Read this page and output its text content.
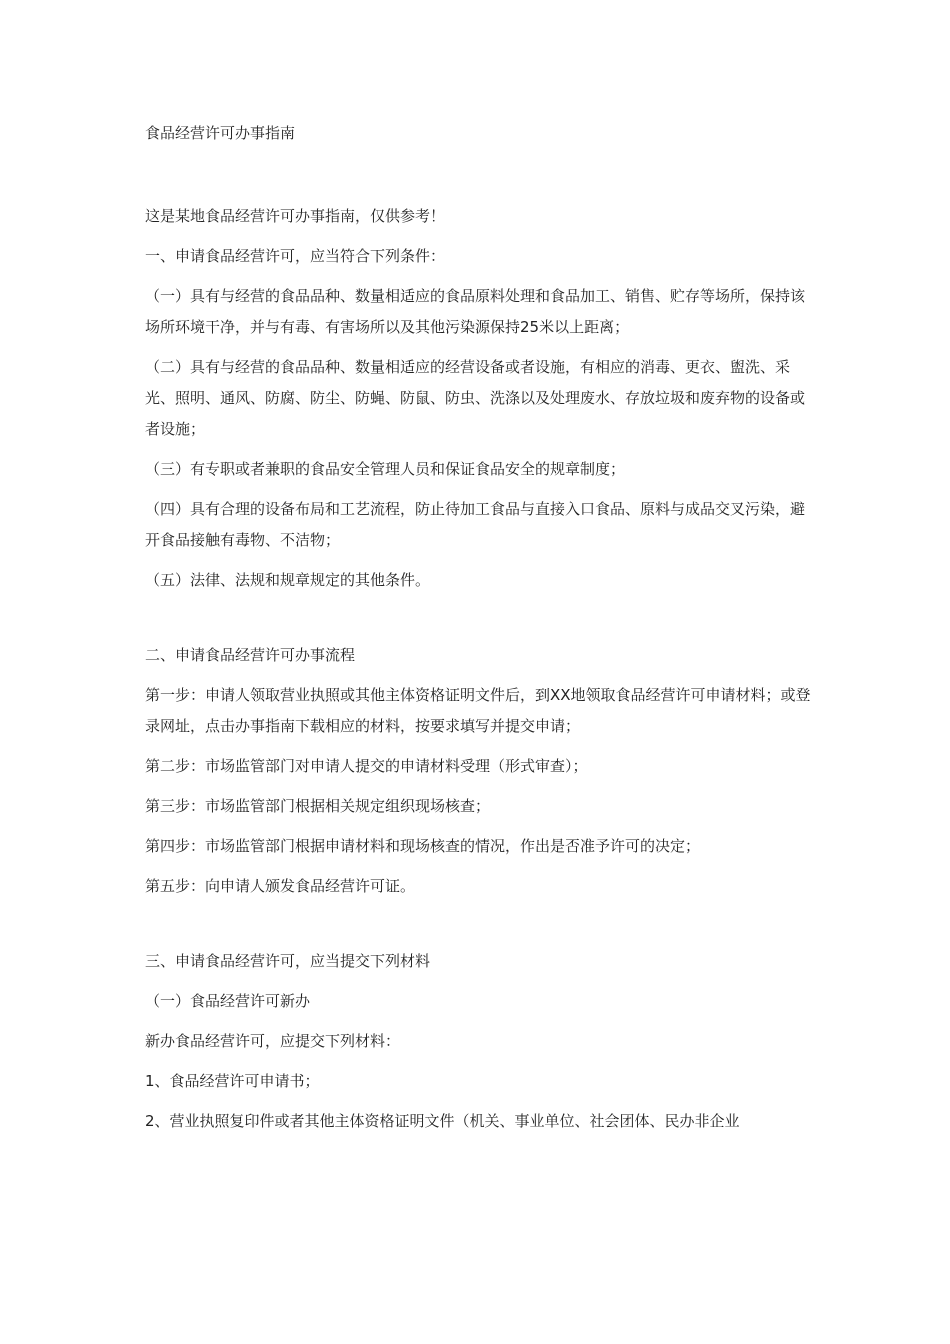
食品经营许可办事指南

这是某地食品经营许可办事指南，仅供参考！

一、申请食品经营许可，应当符合下列条件：

（一）具有与经营的食品品种、数量相适应的食品原料处理和食品加工、销售、贮存等场所，保持该场所环境干净，并与有毒、有害场所以及其他污染源保持25米以上距离；

（二）具有与经营的食品品种、数量相适应的经营设备或者设施，有相应的消毒、更衣、盥洗、采光、照明、通风、防腐、防尘、防蝇、防鼠、防虫、洗涤以及处理废水、存放垃圾和废弃物的设备或者设施；

（三）有专职或者兼职的食品安全管理人员和保证食品安全的规章制度；

（四）具有合理的设备布局和工艺流程，防止待加工食品与直接入口食品、原料与成品交叉污染，避开食品接触有毒物、不洁物；

（五）法律、法规和规章规定的其他条件。

二、申请食品经营许可办事流程

第一步：申请人领取营业执照或其他主体资格证明文件后，到XX地领取食品经营许可申请材料；或登录网址，点击办事指南下载相应的材料，按要求填写并提交申请；

第二步：市场监管部门对申请人提交的申请材料受理（形式审查）；

第三步：市场监管部门根据相关规定组织现场核查；

第四步：市场监管部门根据申请材料和现场核查的情况，作出是否准予许可的决定；

第五步：向申请人颁发食品经营许可证。

三、申请食品经营许可，应当提交下列材料

（一）食品经营许可新办

新办食品经营许可，应提交下列材料：

1、食品经营许可申请书；

2、营业执照复印件或者其他主体资格证明文件（机关、事业单位、社会团体、民办非企业
